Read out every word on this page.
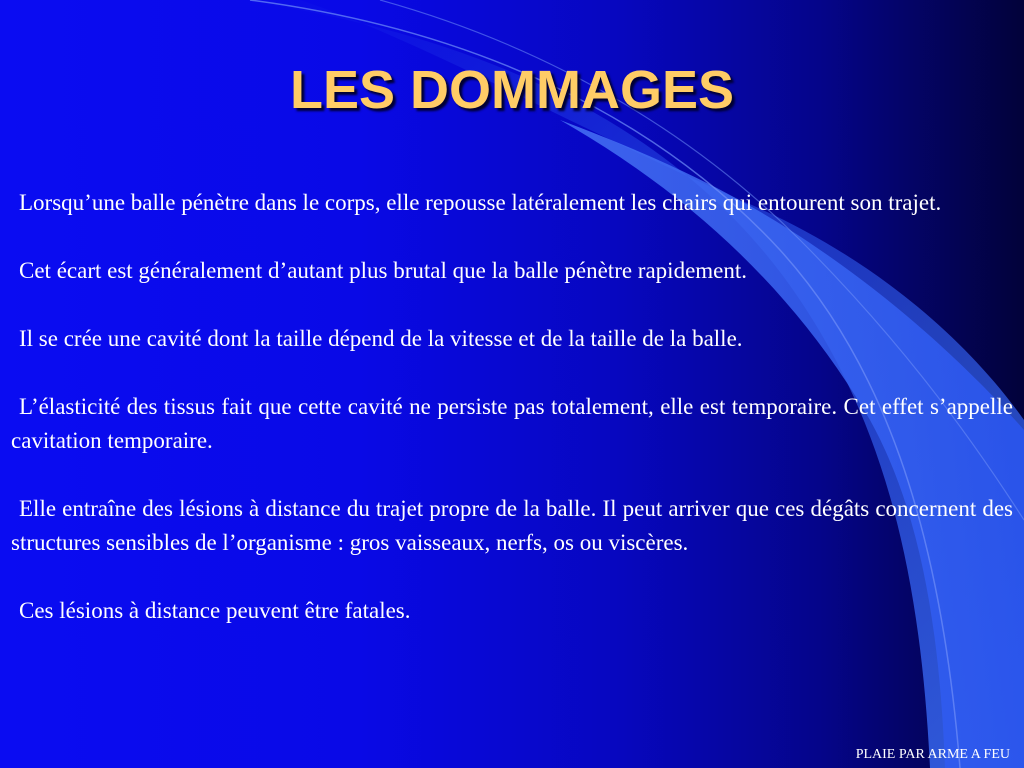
LES DOMMAGES

Lorsqu’une balle pénètre dans le corps, elle repousse latéralement les chairs qui entourent son trajet.

Cet écart est généralement d’autant plus brutal que la balle pénètre rapidement.

Il se crée une cavité dont la taille dépend de la vitesse et de la taille de la balle.

L’élasticité des tissus fait que cette cavité ne persiste pas totalement, elle est temporaire. Cet effet s’appelle cavitation temporaire.

Elle entraîne des lésions à distance du trajet propre de la balle. Il peut arriver que ces dégâts concernent des structures sensibles de l’organisme : gros vaisseaux, nerfs, os ou viscères.

Ces lésions à distance peuvent être fatales.

PLAIE PAR ARME A FEU
